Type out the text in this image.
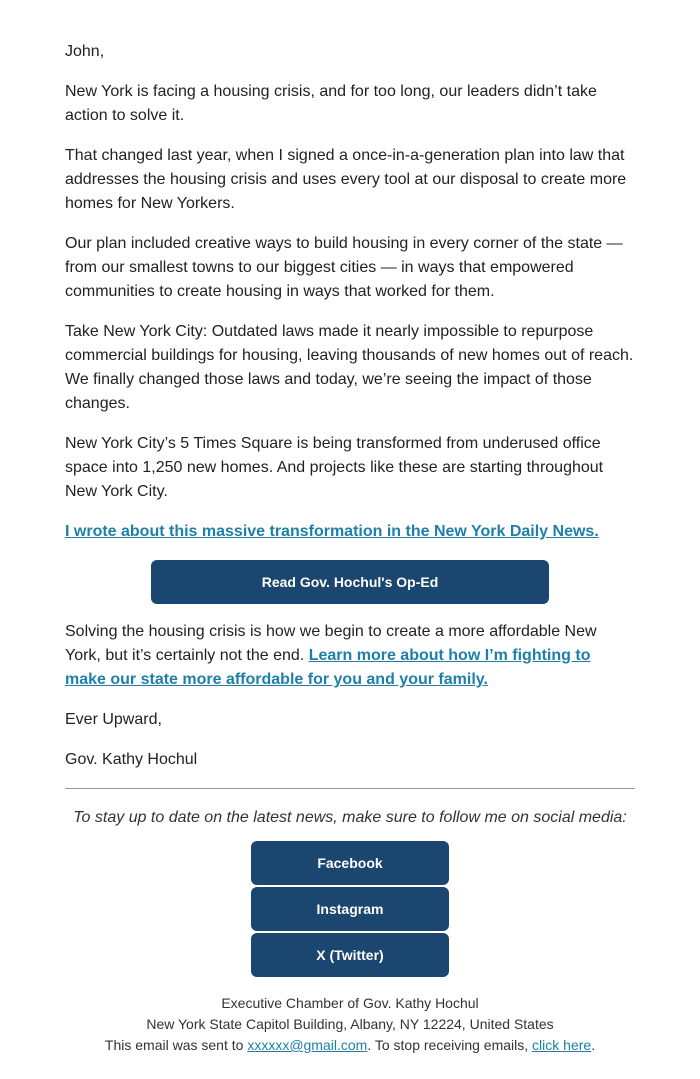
John,

New York is facing a housing crisis, and for too long, our leaders didn’t take action to solve it.

That changed last year, when I signed a once-in-a-generation plan into law that addresses the housing crisis and uses every tool at our disposal to create more homes for New Yorkers.

Our plan included creative ways to build housing in every corner of the state — from our smallest towns to our biggest cities — in ways that empowered communities to create housing in ways that worked for them.

Take New York City: Outdated laws made it nearly impossible to repurpose commercial buildings for housing, leaving thousands of new homes out of reach. We finally changed those laws and today, we’re seeing the impact of those changes.

New York City’s 5 Times Square is being transformed from underused office space into 1,250 new homes. And projects like these are starting throughout New York City.

I wrote about this massive transformation in the New York Daily News.

Read Gov. Hochul's Op-Ed

Solving the housing crisis is how we begin to create a more affordable New York, but it’s certainly not the end. Learn more about how I’m fighting to make our state more affordable for you and your family.

Ever Upward,

Gov. Kathy Hochul

To stay up to date on the latest news, make sure to follow me on social media:

Facebook
Instagram
X (Twitter)
Executive Chamber of Gov. Kathy Hochul
New York State Capitol Building, Albany, NY 12224, United States
This email was sent to xxxxxx@gmail.com. To stop receiving emails, click here.
